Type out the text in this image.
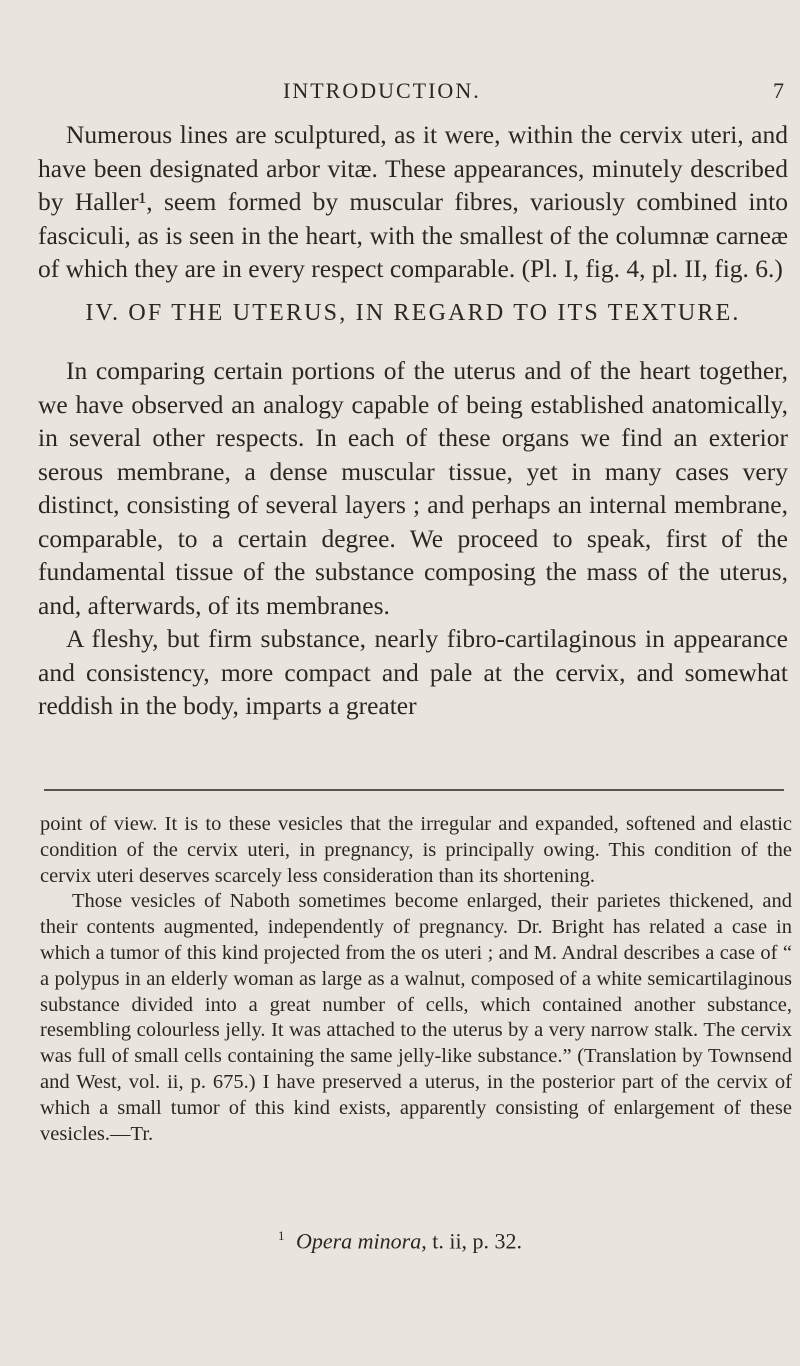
INTRODUCTION.	7

Numerous lines are sculptured, as it were, within the cervix uteri, and have been designated arbor vitæ. These appearances, minutely described by Haller¹, seem formed by muscular fibres, variously combined into fasciculi, as is seen in the heart, with the smallest of the columnæ carneæ of which they are in every respect comparable. (Pl. I, fig. 4, pl. II, fig. 6.)

IV. OF THE UTERUS, IN REGARD TO ITS TEXTURE.

In comparing certain portions of the uterus and of the heart together, we have observed an analogy capable of being established anatomically, in several other respects. In each of these organs we find an exterior serous membrane, a dense muscular tissue, yet in many cases very distinct, consisting of several layers ; and perhaps an internal membrane, comparable, to a certain degree. We proceed to speak, first of the fundamental tissue of the substance composing the mass of the uterus, and, afterwards, of its membranes.

A fleshy, but firm substance, nearly fibro-cartilaginous in appearance and consistency, more compact and pale at the cervix, and somewhat reddish in the body, imparts a greater

point of view. It is to these vesicles that the irregular and expanded, softened and elastic condition of the cervix uteri, in pregnancy, is principally owing. This condition of the cervix uteri deserves scarcely less consideration than its shortening.

Those vesicles of Naboth sometimes become enlarged, their parietes thickened, and their contents augmented, independently of pregnancy. Dr. Bright has related a case in which a tumor of this kind projected from the os uteri ; and M. Andral describes a case of “ a polypus in an elderly woman as large as a walnut, composed of a white semicartilaginous substance divided into a great number of cells, which contained another substance, resembling colourless jelly. It was attached to the uterus by a very narrow stalk. The cervix was full of small cells containing the same jelly-like substance.” (Translation by Townsend and West, vol. ii, p. 675.) I have preserved a uterus, in the posterior part of the cervix of which a small tumor of this kind exists, apparently consisting of enlargement of these vesicles.—Tr.

$^1$ Opera minora, t. ii, p. 32.
